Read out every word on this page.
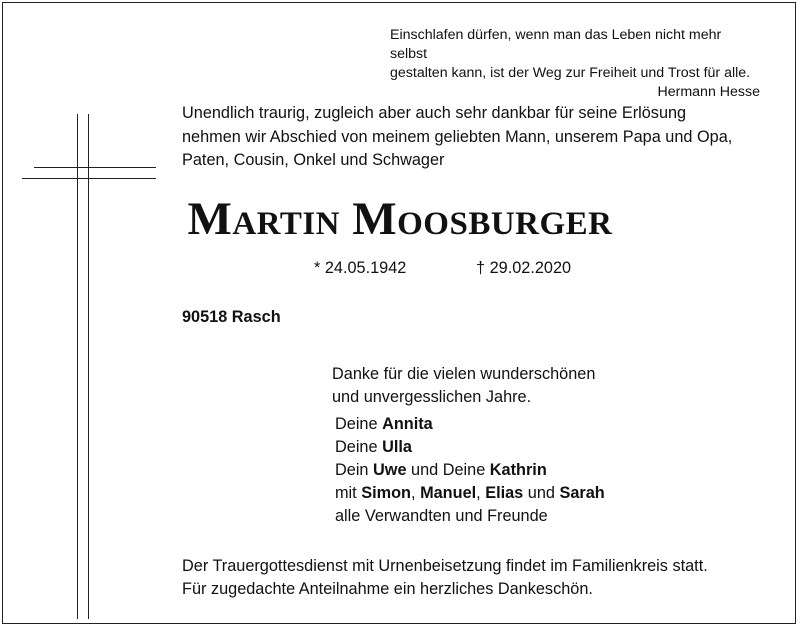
Einschlafen dürfen, wenn man das Leben nicht mehr selbst

gestalten kann, ist der Weg zur Freiheit und Trost für alle.

Hermann Hesse

Unendlich traurig, zugleich aber auch sehr dankbar für seine Erlösung

nehmen wir Abschied von meinem geliebten Mann, unserem Papa und Opa,

Paten, Cousin, Onkel und Schwager

Martin Moosburger
* 24.05.1942	† 29.02.2020
90518 Rasch

Danke für die vielen wunderschönen

und unvergesslichen Jahre.

Deine Annita
Deine Ulla
Dein Uwe und Deine Kathrin
mit Simon, Manuel, Elias und Sarah
alle Verwandten und Freunde

Der Trauergottesdienst mit Urnenbeisetzung findet im Familienkreis statt.

Für zugedachte Anteilnahme ein herzliches Dankeschön.
